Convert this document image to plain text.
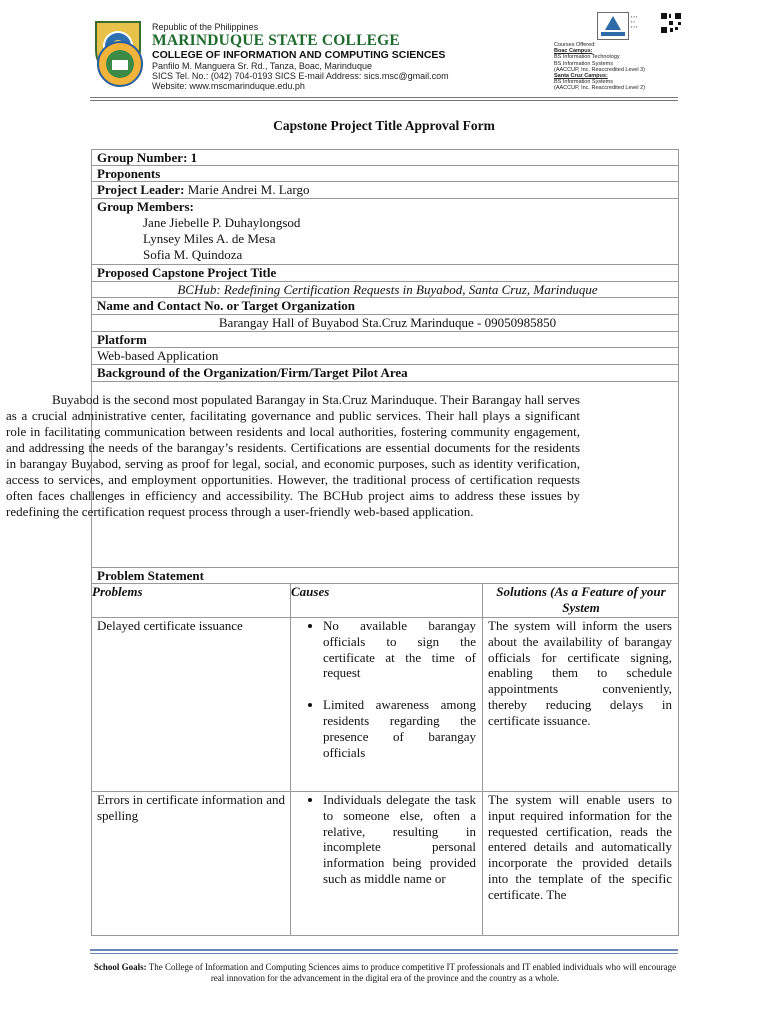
Republic of the Philippines
MARINDUQUE STATE COLLEGE
COLLEGE OF INFORMATION AND COMPUTING SCIENCES
Panfilo M. Manguera Sr. Rd., Tanza, Boac, Marinduque
SICS Tel. No.: (042) 704-0193 SICS E-mail Address: sics.msc@gmail.com
Website: www.mscmarinduque.edu.ph
▪ ▪ ▪
▪ ▪
▪ ▪ ▪
Courses Offered:
Boac Campus:
BS Information Technology
BS Information Systems
(AACCUP, Inc. Reaccredited Level 3)
Santa Cruz Campus:
BS Information Systems
(AACCUP, Inc. Reaccredited Level 2)
Capstone Project Title Approval Form
Group Number: 1
Proponents
Project Leader: Marie Andrei M. Largo
Group Members:
Jane Jiebelle P. Duhaylongsod
Lynsey Miles A. de Mesa
Sofia M. Quindoza
Proposed Capstone Project Title
BCHub: Redefining Certification Requests in Buyabod, Santa Cruz, Marinduque
Name and Contact No. or Target Organization
Barangay Hall of Buyabod Sta.Cruz Marinduque - 09050985850
Platform
Web-based Application
Background of the Organization/Firm/Target Pilot Area
Problem Statement
Problems	Causes	Solutions (As a Feature of your System
Delayed certificate issuance
•	No available barangay officials to sign the certificate at the time of request
• Limited awareness among residents regarding the presence of barangay officials
The system will inform the users about the availability of barangay officials for certificate signing, enabling them to schedule appointments conveniently, thereby reducing delays in certificate issuance.
Errors in certificate information and spelling
• Individuals delegate the task to someone else, often a relative, resulting in incomplete personal information being provided such as middle name or
The system will enable users to input required information for the requested certification, reads the entered details and automatically incorporate the provided details into the template of the specific certificate. The
Buyabod is the second most populated Barangay in Sta.Cruz Marinduque. Their Barangay hall serves as a crucial administrative center, facilitating governance and public services. Their hall plays a significant role in facilitating communication between residents and local authorities, fostering community engagement, and addressing the needs of the barangay’s residents. Certifications are essential documents for the residents in barangay Buyabod, serving as proof for legal, social, and economic purposes, such as identity verification, access to services, and employment opportunities. However, the traditional process of certification requests often faces challenges in efficiency and accessibility. The BCHub project aims to address these issues by redefining the certification request process through a user-friendly web-based application.
School Goals: The College of Information and Computing Sciences aims to produce competitive IT professionals and IT enabled individuals who will encourage real innovation for the advancement in the digital era of the province and the country as a whole.
